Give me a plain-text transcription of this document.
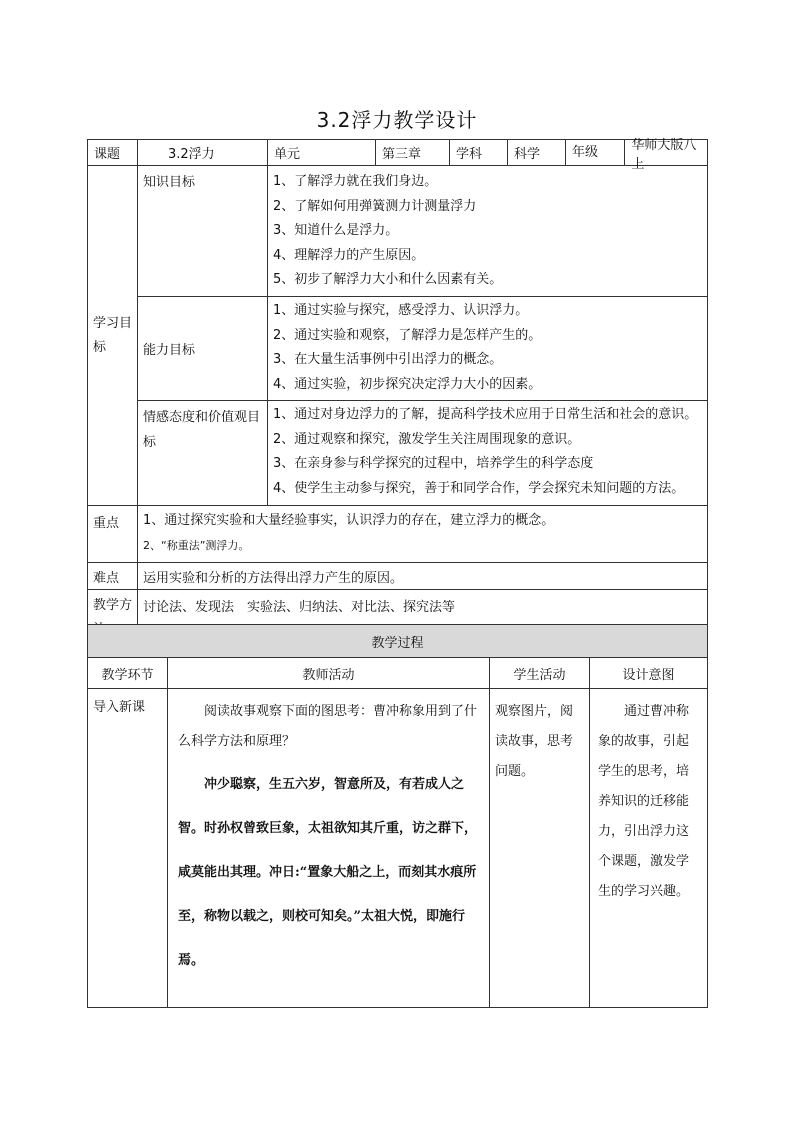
3.2浮力教学设计
课题	3.2浮力	单元	第三章	学科	科学	年级 华师大版八上

学习目标	知识目标	1、了解浮力就在我们身边。
2、了解如何用弹簧测力计测量浮力
3、知道什么是浮力。
4、理解浮力的产生原因。
5、初步了解浮力大小和什么因素有关。				

	能力目标	1、通过实验与探究，感受浮力、认识浮力。
2、通过实验和观察，了解浮力是怎样产生的。
3、在大量生活事例中引出浮力的概念。
4、通过实验，初步探究决定浮力大小的因素。				

	情感态度和价值观目标	1、通过对身边浮力的了解，提高科学技术应用于日常生活和社会的意识。
2、通过观察和探究，激发学生关注周围现象的意识。
3、在亲身参与科学探究的过程中，培养学生的科学态度
4、使学生主动参与探究，善于和同学合作，学会探究未知问题的方法。				

重点	1、通过探究实验和大量经验事实，认识浮力的存在，建立浮力的概念。
2、“称重法”测浮力。					

难点	运用实验和分析的方法得出浮力产生的原因。					
教学方	讨论法、发现法　实验法、归纳法、对比法、探究法等					
教学过程			
教学环节	教师活动	学生活动	设计意图
导入新课	阅读故事观察下面的图思考：曹冲称象用到了什么科学方法和原理？

冲少聪察，生五六岁，智意所及，有若成人之智。时孙权曾致巨象，太祖欲知其斤重，访之群下，咸莫能出其理。冲日:“置象大船之上，而刻其水痕所至，称物以载之，则校可知矣。”太祖大悦，即施行焉。	观察图片，阅读故事，思考问题。	通过曹冲称象的故事，引起学生的思考，培养知识的迁移能力，引出浮力这个课题，激发学生的学习兴趣。
